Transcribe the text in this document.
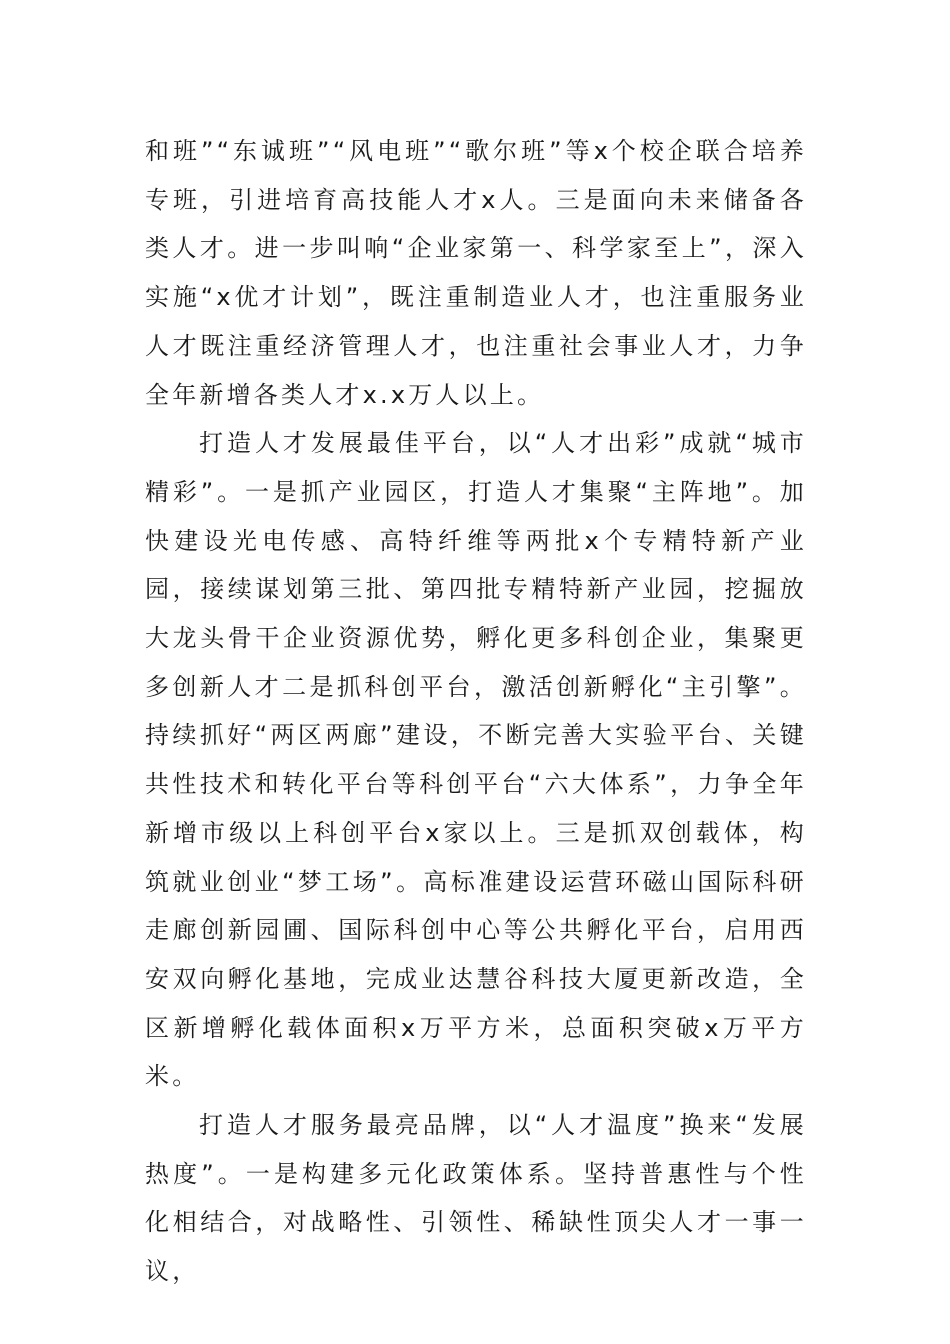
和班”“东诚班”“风电班”“歌尔班”等x个校企联合培养专班，引进培育高技能人才x人。三是面向未来储备各类人才。进一步叫响“企业家第一、科学家至上”，深入实施“x优才计划”，既注重制造业人才，也注重服务业人才既注重经济管理人才，也注重社会事业人才，力争全年新增各类人才x.x万人以上。

打造人才发展最佳平台，以“人才出彩”成就“城市精彩”。一是抓产业园区，打造人才集聚“主阵地”。加快建设光电传感、高特纤维等两批x个专精特新产业园，接续谋划第三批、第四批专精特新产业园，挖掘放大龙头骨干企业资源优势，孵化更多科创企业，集聚更多创新人才二是抓科创平台，激活创新孵化“主引擎”。持续抓好“两区两廊”建设，不断完善大实验平台、关键共性技术和转化平台等科创平台“六大体系”，力争全年新增市级以上科创平台x家以上。三是抓双创载体，构筑就业创业“梦工场”。高标准建设运营环磁山国际科研走廊创新园圃、国际科创中心等公共孵化平台，启用西安双向孵化基地，完成业达慧谷科技大厦更新改造，全区新增孵化载体面积x万平方米，总面积突破x万平方米。

打造人才服务最亮品牌，以“人才温度”换来“发展热度”。一是构建多元化政策体系。坚持普惠性与个性化相结合，对战略性、引领性、稀缺性顶尖人才一事一议，
